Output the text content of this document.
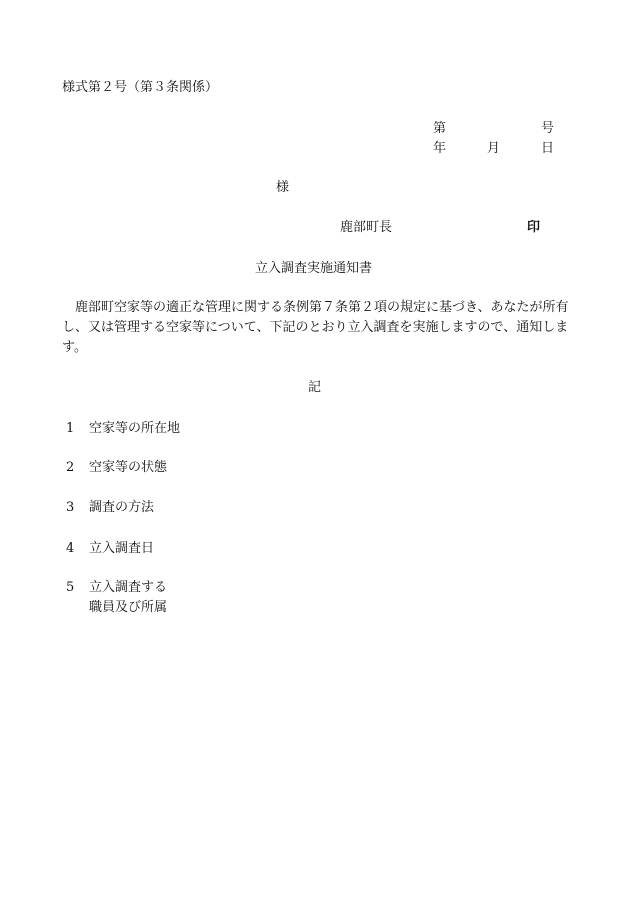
様式第２号（第３条関係）
第	号
年	月	日
様
鹿部町長	印
立入調査実施通知書
鹿部町空家等の適正な管理に関する条例第７条第２項の規定に基づき、あなたが所有し、又は管理する空家等について、下記のとおり立入調査を実施しますので、通知します。
記
1 空家等の所在地
2 空家等の状態
3 調査の方法
4 立入調査日
5 立入調査する
職員及び所属
